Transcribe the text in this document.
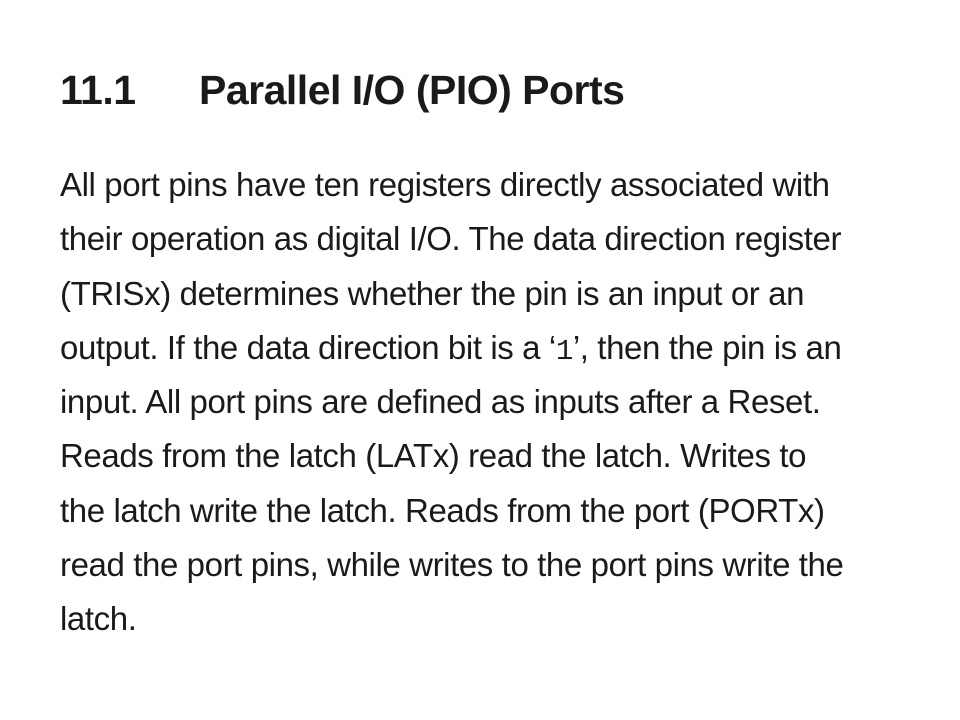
11.1	Parallel I/O (PIO) Ports
All port pins have ten registers directly associated with
their operation as digital I/O. The data direction register
(TRISx) determines whether the pin is an input or an
output. If the data direction bit is a ‘1’, then the pin is an
input. All port pins are defined as inputs after a Reset.
Reads from the latch (LATx) read the latch. Writes to
the latch write the latch. Reads from the port (PORTx)
read the port pins, while writes to the port pins write the
latch.
